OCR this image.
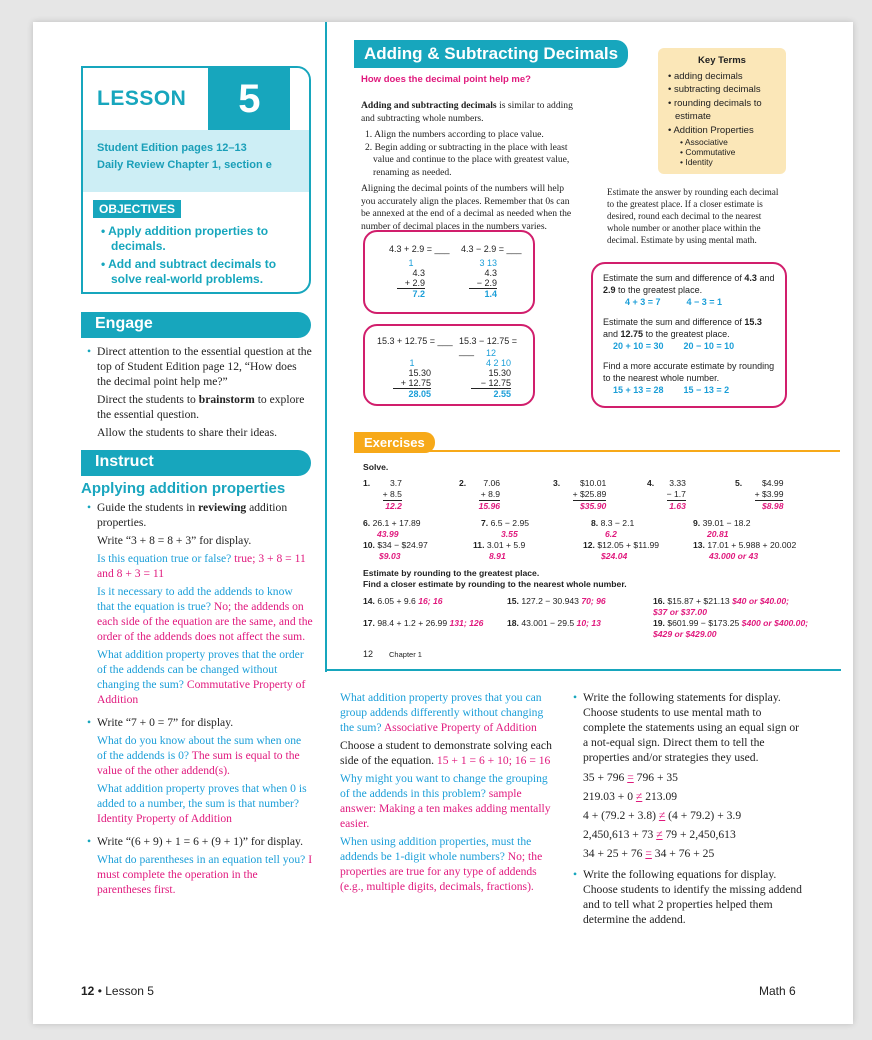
LESSON	5
Student Edition pages 12–13
Daily Review Chapter 1, section e
OBJECTIVES
• Apply addition properties to decimals.
• Add and subtract decimals to solve real-world problems.
Engage

• Direct attention to the essential question at the top of Student Edition page 12, “How does the decimal point help me?”

Direct the students to brainstorm to explore the essential question.

Allow the students to share their ideas.

Instruct
Applying addition properties

• Guide the students in reviewing addition properties.

Write “3 + 8 = 8 + 3” for display.

Is this equation true or false? true; 3 + 8 = 11 and 8 + 3 = 11

Is it necessary to add the addends to know that the equation is true? No; the addends on each side of the equation are the same, and the order of the addends does not affect the sum.

What addition property proves that the order of the addends can be changed without changing the sum? Commutative Property of Addition

• Write “7 + 0 = 7” for display.

What do you know about the sum when one of the addends is 0? The sum is equal to the value of the other addend(s).

What addition property proves that when 0 is added to a number, the sum is that number? Identity Property of Addition

• Write “(6 + 9) + 1 = 6 + (9 + 1)” for display.

What do parentheses in an equation tell you? I must complete the operation in the parentheses first.

Adding & Subtracting Decimals
How does the decimal point help me?
Key Terms
• adding decimals
• subtracting decimals
• rounding decimals to estimate
• Addition Properties
• Associative
• Commutative
• Identity

Adding and subtracting decimals is similar to adding and subtracting whole numbers.

1. Align the numbers according to place value.

2. Begin adding or subtracting in the place with least value and continue to the place with greatest value, renaming as needed.

Aligning the decimal points of the numbers will help you accurately align the places. Remember that 0s can be annexed at the end of a decimal as needed when the number of decimal places in the numbers varies.

Estimate the answer by rounding each decimal to the greatest place. If a closer estimate is desired, round each decimal to the nearest whole number or another place within the decimal. Estimate by using mental math.
4.3 + 2.9 = ___ 4.3 − 2.9 = ___
1
4.3
+ 2.9
7.2
3 13
4.3
− 2.9
1.4
15.3 + 12.75 = ___ 15.3 − 12.75 = ___
1
15.30
+ 12.75
28.05
12
4 2 10
15.30
− 12.75
2.55
Estimate the sum and difference of 4.3 and 2.9 to the greatest place.
4 + 3 = 7	4 − 3 = 1
Estimate the sum and difference of 15.3 and 12.75 to the greatest place.
20 + 10 = 30 20 − 10 = 10
Find a more accurate estimate by rounding to the nearest whole number.
15 + 13 = 28 15 − 13 = 2
Exercises
Solve.
1.	3.7
+ 8.5
12.2
2.	7.06
+ 8.9
15.96
3.	$10.01
+ $25.89
$35.90
4.	3.33
− 1.7
1.63
5.	$4.99
+ $3.99
$8.98
6. 26.1 + 17.89
43.99
7. 6.5 − 2.95
3.55
8. 8.3 − 2.1
6.2
9. 39.01 − 18.2
20.81
10. $34 − $24.97
$9.03
11. 3.01 + 5.9
8.91
12. $12.05 + $11.99
$24.04
13. 17.01 + 5.988 + 20.002
43.000 or 43
Estimate by rounding to the greatest place.
Find a closer estimate by rounding to the nearest whole number.
14. 6.05 + 9.6 16; 16	15. 127.2 − 30.943 70; 96	16. $15.87 + $21.13 $40 or $40.00; $37 or $37.00
17. 98.4 + 1.2 + 26.99 131; 126	18. 43.001 − 29.5 10; 13	19. $601.99 − $173.25 $400 or $400.00; $429 or $429.00
12 Chapter 1

What addition property proves that you can group addends differently without changing the sum? Associative Property of Addition

Choose a student to demonstrate solving each side of the equation. 15 + 1 = 6 + 10; 16 = 16

Why might you want to change the grouping of the addends in this problem? sample answer: Making a ten makes adding mentally easier.

When using addition properties, must the addends be 1-digit whole numbers? No; the properties are true for any type of addends (e.g., multiple digits, decimals, fractions).

• Write the following statements for display. Choose students to use mental math to complete the statements using an equal sign or a not-equal sign. Direct them to tell the properties and/or strategies they used.

35 + 796 = 796 + 35
219.03 + 0 ≠ 213.09
4 + (79.2 + 3.8) ≠ (4 + 79.2) + 3.9
2,450,613 + 73 ≠ 79 + 2,450,613
34 + 25 + 76 = 34 + 76 + 25

• Write the following equations for display. Choose students to identify the missing addend and to tell what 2 properties helped them determine the addend.

12 • Lesson 5	Math 6
